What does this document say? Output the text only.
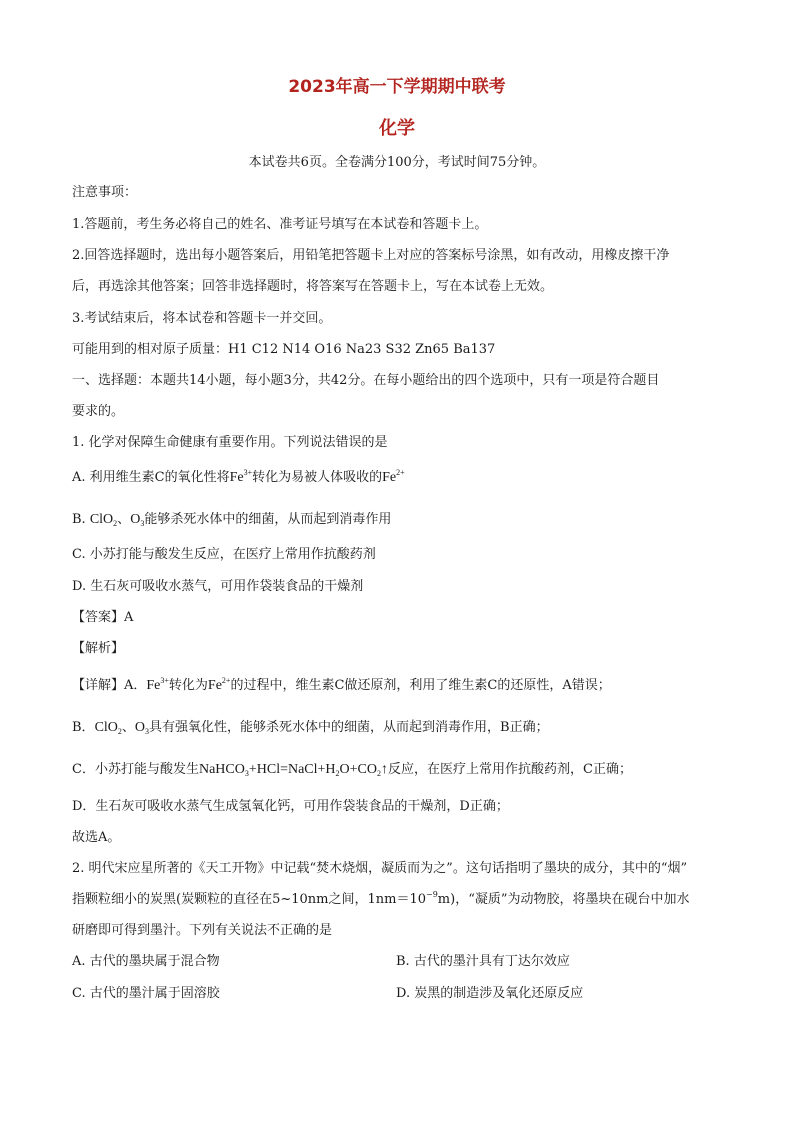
2023年高一下学期期中联考
化学
本试卷共6页。全卷满分100分，考试时间75分钟。
注意事项：
1.答题前，考生务必将自己的姓名、准考证号填写在本试卷和答题卡上。
2.回答选择题时，选出每小题答案后，用铅笔把答题卡上对应的答案标号涂黑，如有改动，用橡皮擦干净
后，再选涂其他答案；回答非选择题时，将答案写在答题卡上，写在本试卷上无效。
3.考试结束后，将本试卷和答题卡一并交回。
可能用到的相对原子质量：H1 C12 N14 O16 Na23 S32 Zn65 Ba137
一、选择题：本题共14小题，每小题3分，共42分。在每小题给出的四个选项中，只有一项是符合题目
要求的。
1. 化学对保障生命健康有重要作用。下列说法错误的是
A. 利用维生素C的氧化性将$Fe^{3+}$转化为易被人体吸收的$Fe^{2+}$
B. ClO$_2$、$O_3$能够杀死水体中的细菌，从而起到消毒作用
C. 小苏打能与酸发生反应，在医疗上常用作抗酸药剂
D. 生石灰可吸收水蒸气，可用作袋装食品的干燥剂
【答案】A
【解析】
【详解】A．$Fe^{3+}$转化为$Fe^{2+}$的过程中，维生素C做还原剂，利用了维生素C的还原性，A错误；
B．ClO$_2$、$O_3$具有强氧化性，能够杀死水体中的细菌，从而起到消毒作用，B正确；
C．小苏打能与酸发生$NaHCO_3+HCl=NaCl+H_2O+CO_2↑$反应，在医疗上常用作抗酸药剂，C正确；
D．生石灰可吸收水蒸气生成氢氧化钙，可用作袋装食品的干燥剂，D正确；
故选A。
2. 明代宋应星所著的《天工开物》中记载“焚木烧烟，凝质而为之”。这句话指明了墨块的成分，其中的“烟”
指颗粒细小的炭黑(炭颗粒的直径在5~10nm之间，$1nm=10^{-9}m$)，“凝质”为动物胶，将墨块在砚台中加水
研磨即可得到墨汁。下列有关说法不正确的是
A. 古代的墨块属于混合物	B. 古代的墨汁具有丁达尔效应
C. 古代的墨汁属于固溶胶	D. 炭黑的制造涉及氧化还原反应
